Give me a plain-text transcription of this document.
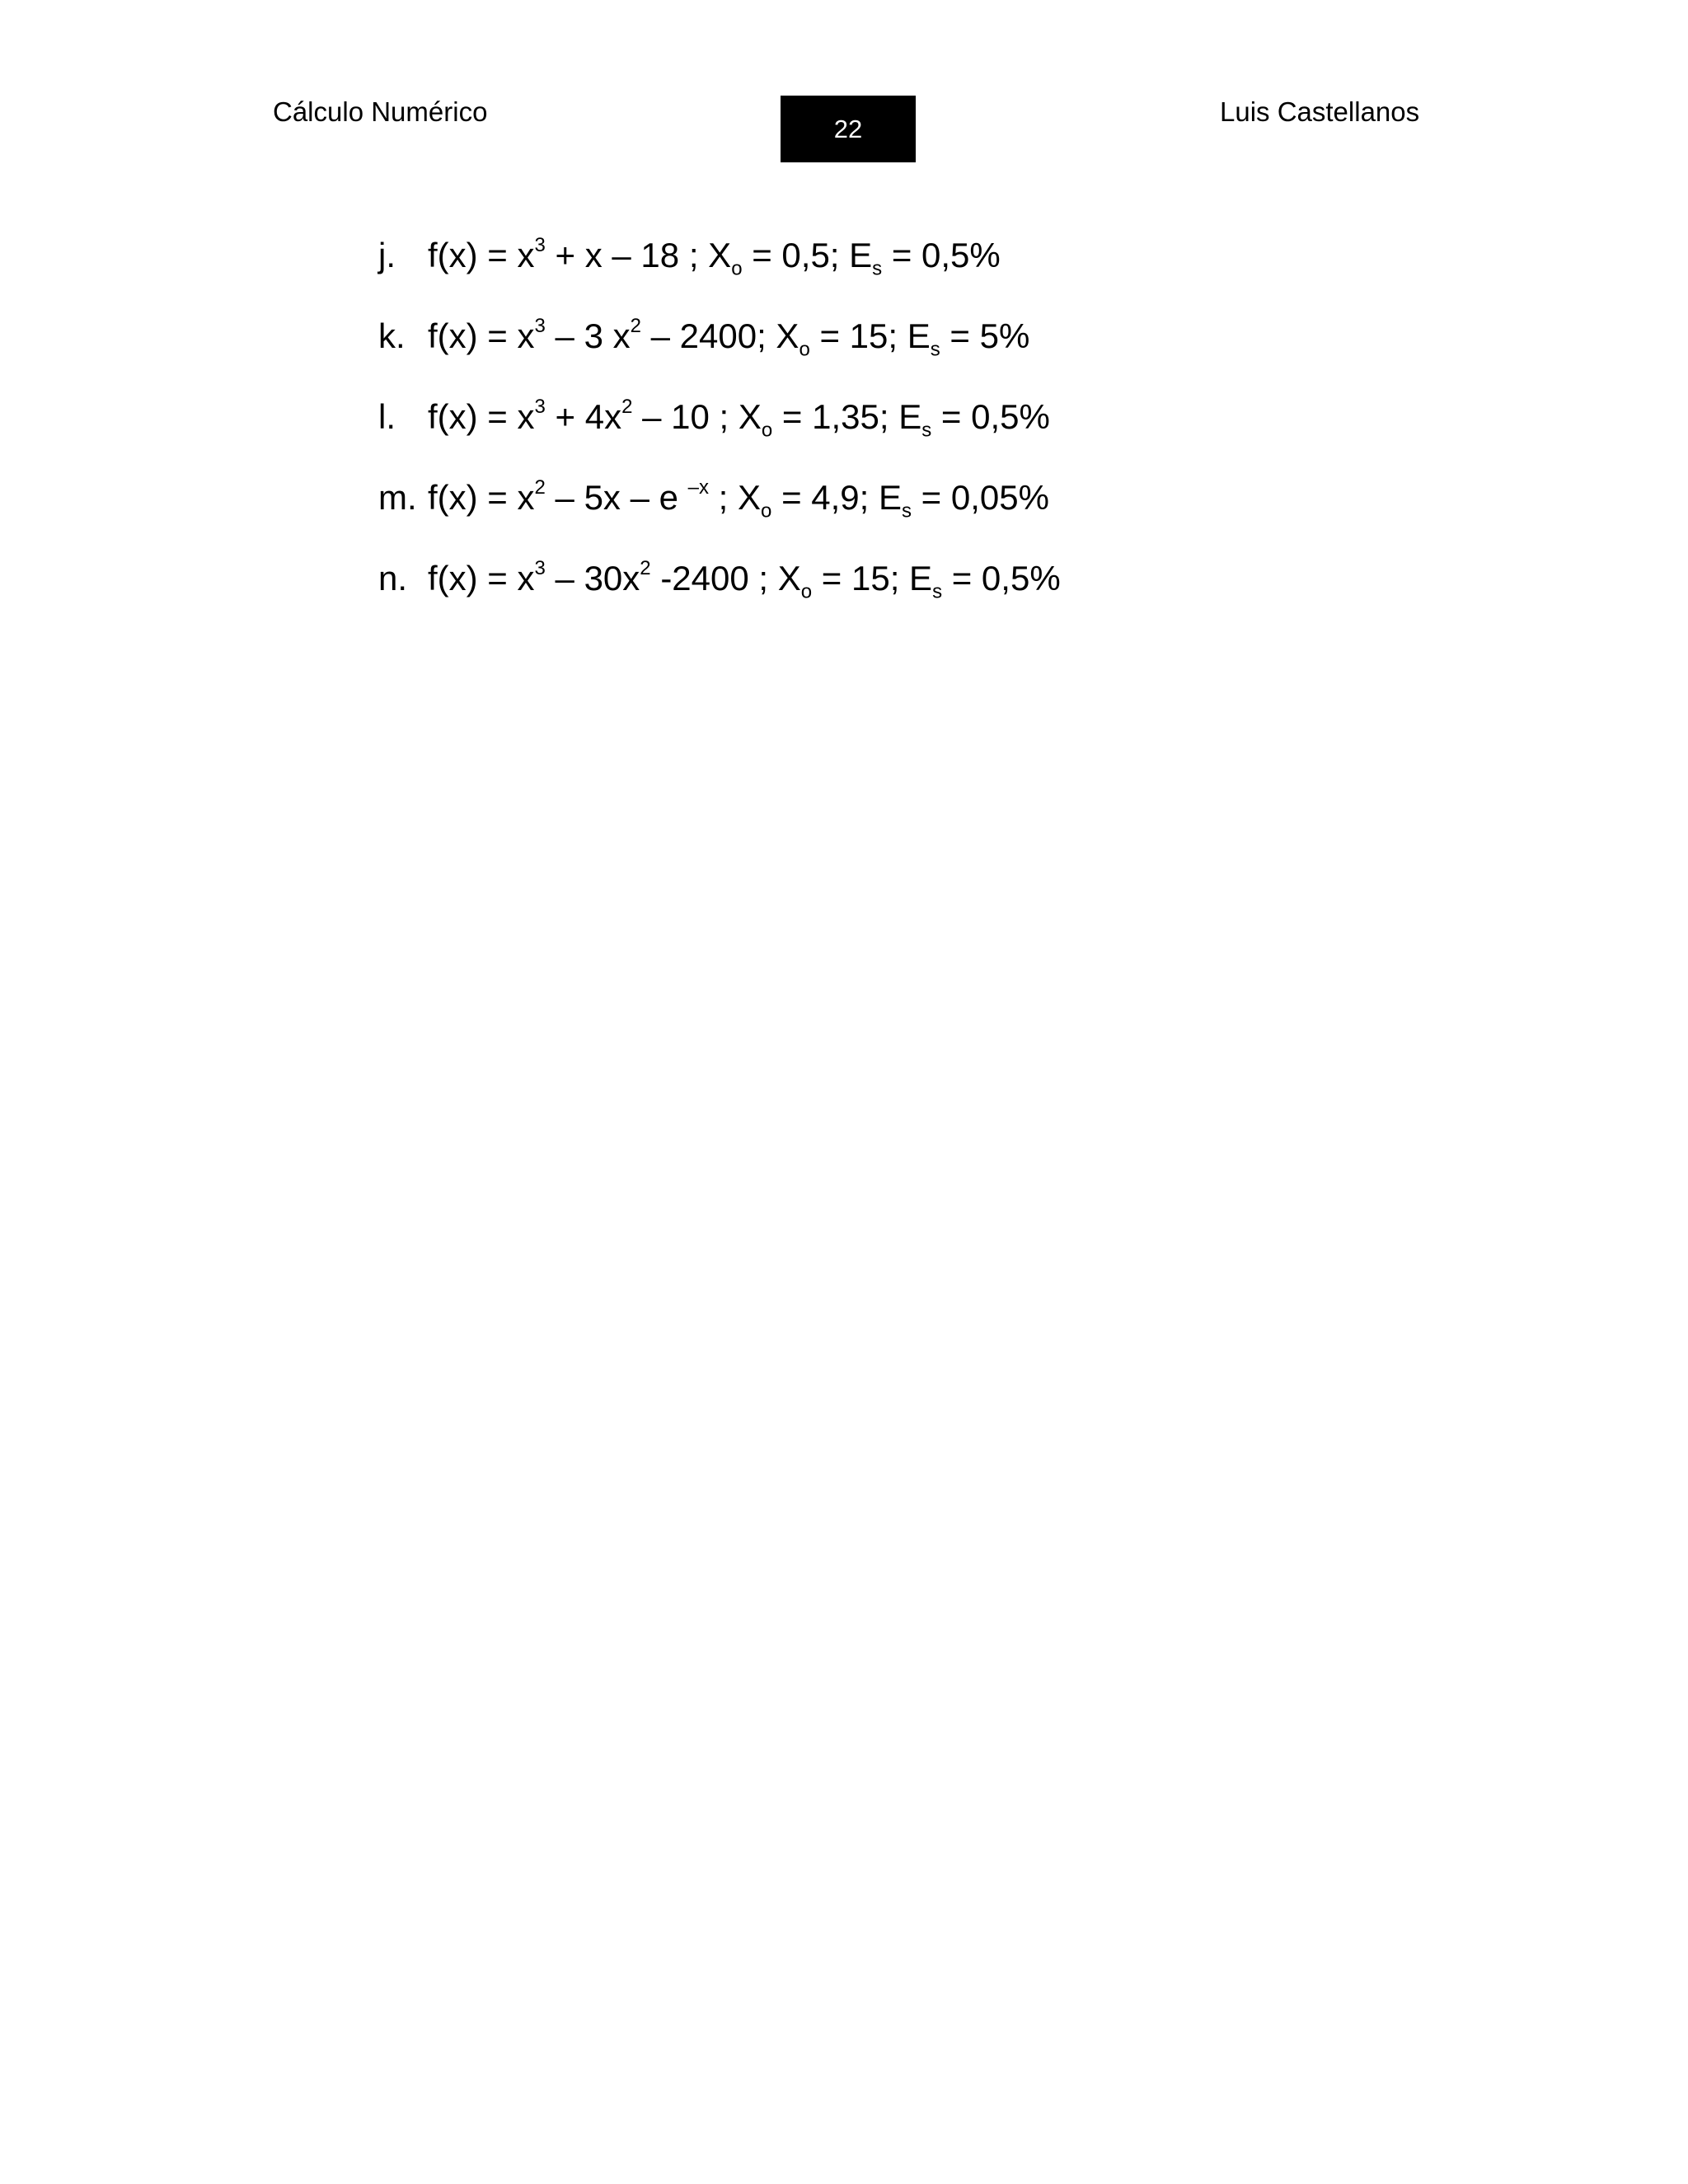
Cálculo Numérico
22
Luis Castellanos
j. $f(x) = x^3 + x - 18$ ; $X_o = 0,5$; $E_s = 0,5\%$
k. $f(x) = x^3 - 3$ $x^2 - 2400$; $X_o = 15$; $E_s = 5\%$
l. $f(x) = x^3 + 4x^2 - 10$ ; $X_o = 1,35$; $E_s = 0,5\%$
m. $f(x) = x^2 - 5x - e$ $^{-x}$ ; $X_o = 4,9$; $E_s = 0,05\%$
n. $f(x) = x^3 - 30x^2$ -2400 ; $X_o = 15$; $E_s = 0,5\%$
